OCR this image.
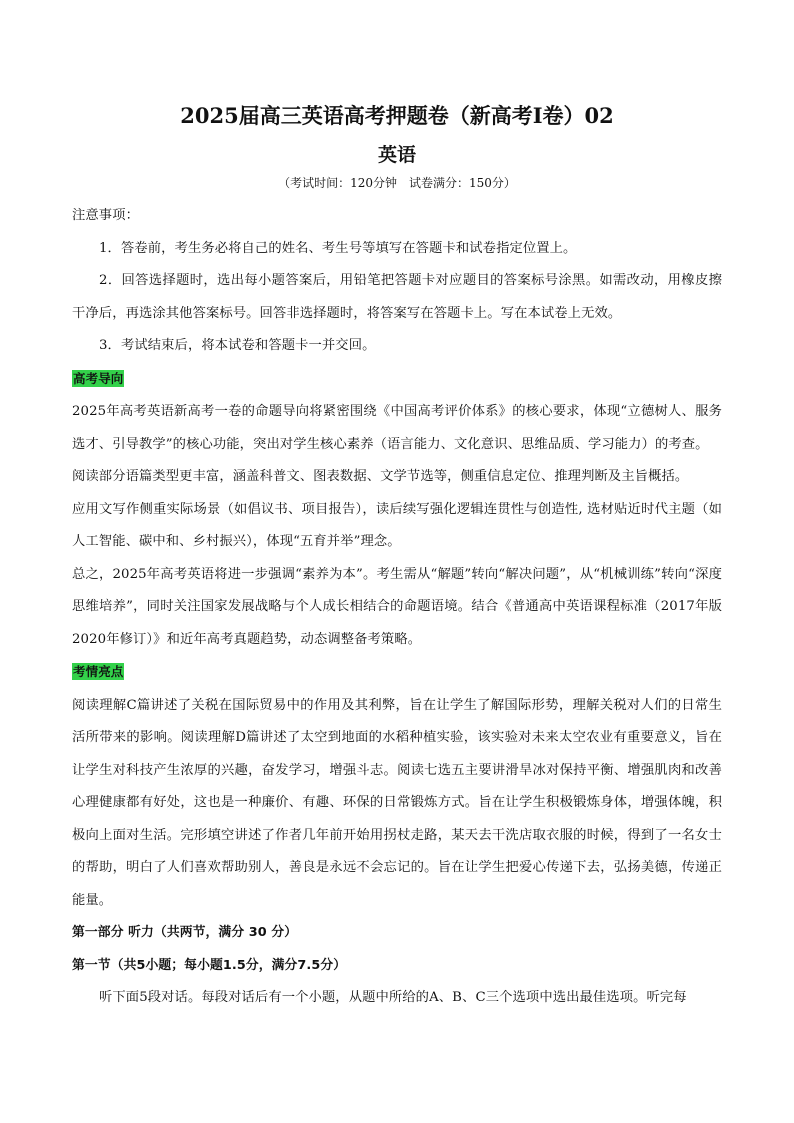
2025届高三英语高考押题卷（新高考I卷）02
英语
（考试时间：120分钟　试卷满分：150分）

注意事项：

1．答卷前，考生务必将自己的姓名、考生号等填写在答题卡和试卷指定位置上。

2．回答选择题时，选出每小题答案后，用铅笔把答题卡对应题目的答案标号涂黑。如需改动，用橡皮擦干净后，再选涂其他答案标号。回答非选择题时，将答案写在答题卡上。写在本试卷上无效。

3．考试结束后，将本试卷和答题卡一并交回。

高考导向

2025年高考英语新高考一卷的命题导向将紧密围绕《中国高考评价体系》的核心要求，体现“立德树人、服务选才、引导教学”的核心功能，突出对学生核心素养（语言能力、文化意识、思维品质、学习能力）的考查。

阅读部分语篇类型更丰富，涵盖科普文、图表数据、文学节选等，侧重信息定位、推理判断及主旨概括。

应用文写作侧重实际场景（如倡议书、项目报告），读后续写强化逻辑连贯性与创造性, 选材贴近时代主题（如人工智能、碳中和、乡村振兴），体现“五育并举”理念。

总之，2025年高考英语将进一步强调“素养为本”。考生需从“解题”转向“解决问题”，从“机械训练”转向“深度思维培养”，同时关注国家发展战略与个人成长相结合的命题语境。结合《普通高中英语课程标准（2017年版2020年修订）》和近年高考真题趋势，动态调整备考策略。

考情亮点

阅读理解C篇讲述了关税在国际贸易中的作用及其利弊，旨在让学生了解国际形势，理解关税对人们的日常生活所带来的影响。阅读理解D篇讲述了太空到地面的水稻种植实验，该实验对未来太空农业有重要意义，旨在让学生对科技产生浓厚的兴趣，奋发学习，增强斗志。阅读七选五主要讲滑旱冰对保持平衡、增强肌肉和改善心理健康都有好处，这也是一种廉价、有趣、环保的日常锻炼方式。旨在让学生积极锻炼身体，增强体魄，积极向上面对生活。完形填空讲述了作者几年前开始用拐杖走路，某天去干洗店取衣服的时候，得到了一名女士的帮助，明白了人们喜欢帮助别人，善良是永远不会忘记的。旨在让学生把爱心传递下去，弘扬美德，传递正能量。

第一部分 听力（共两节，满分 30 分）

第一节（共5小题；每小题1.5分，满分7.5分）

听下面5段对话。每段对话后有一个小题，从题中所给的A、B、C三个选项中选出最佳选项。听完每
